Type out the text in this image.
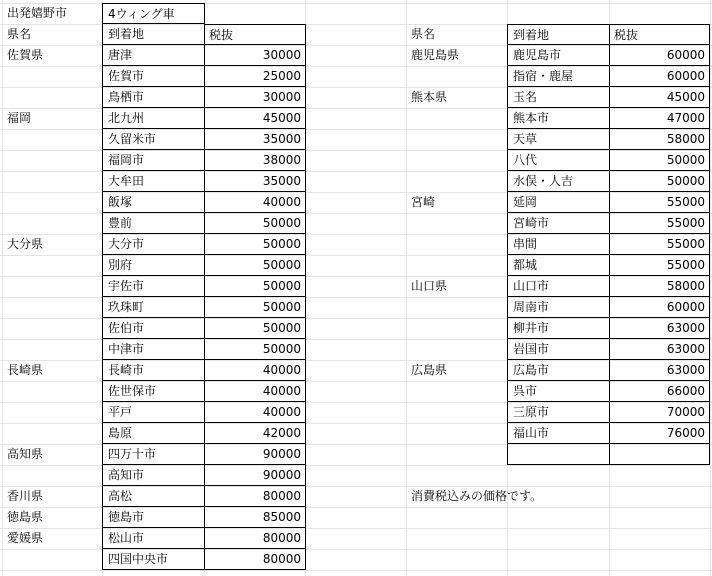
出発嬉野市	4ウィング車
県名	到着地	税抜	県名	到着地	税抜
消費税込みの価格です。
佐賀県	唐津	30000
佐賀市	25000
鳥栖市	30000
福岡	北九州	45000
久留米市	35000
福岡市	38000
大牟田	35000
飯塚	40000
豊前	50000
大分県	大分市	50000
別府	50000
宇佐市	50000
玖珠町	50000
佐伯市	50000
中津市	50000
長崎県	長崎市	40000
佐世保市	40000
平戸	40000
島原	42000
高知県	四万十市	90000
高知市	90000
香川県	高松	80000
徳島県	徳島市	85000
愛媛県	松山市	80000
四国中央市	80000
鹿児島県	鹿児島市	60000
指宿・鹿屋	60000
熊本県	玉名	45000
熊本市	47000
天草	58000
八代	50000
水俣・人吉	50000
宮崎	延岡	55000
宮崎市	55000
串間	55000
都城	55000
山口県	山口市	58000
周南市	60000
柳井市	63000
岩国市	63000
広島県	広島市	63000
呉市	66000
三原市	70000
福山市	76000
